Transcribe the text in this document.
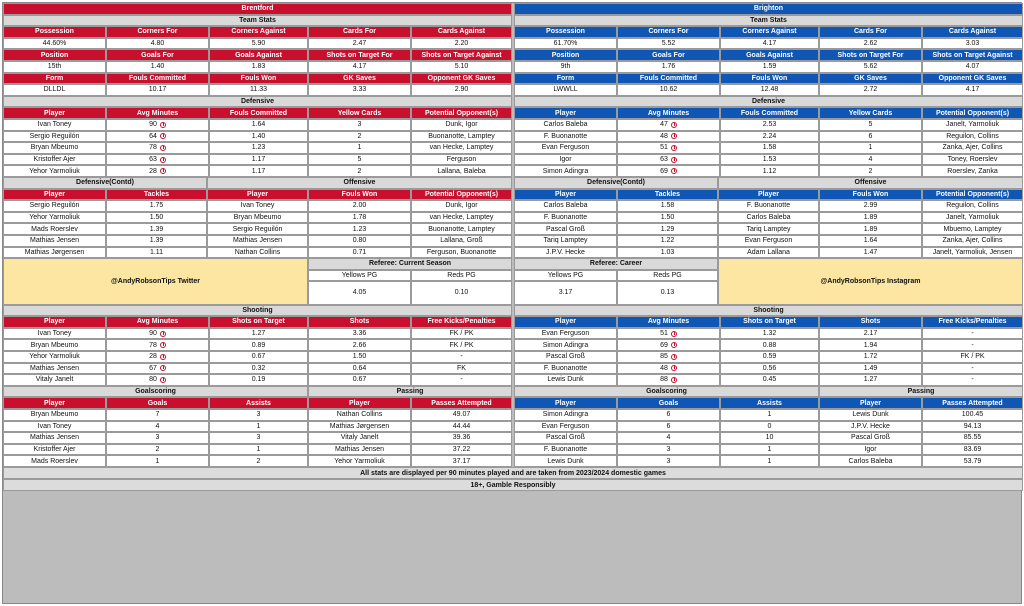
Brentford
Team Stats
Possession	Corners For	Corners Against	Cards For	Cards Against
44.60%	4.80	5.90	2.47	2.20
Position	Goals For	Goals Against	Shots on Target For	Shots on Target Against
15th	1.40	1.83	4.17	5.10
Form	Fouls Committed	Fouls Won	GK Saves	Opponent GK Saves
DLLDL	10.17	11.33	3.33	2.90
Defensive
Player	Avg Minutes	Fouls Committed	Yellow Cards	Potential Opponent(s)
Ivan Toney	90	1.64	3	Dunk, Igor
Sergio Reguilón	64	1.40	2	Buonanotte, Lamptey
Bryan Mbeumo	78	1.23	1	van Hecke, Lamptey
Kristoffer Ajer	63	1.17	5	Ferguson
Yehor Yarmoliuk	28	1.17	2	Lallana, Baleba
Defensive(Contd)	Offensive
Player	Tackles	Player	Fouls Won	Potential Opponent(s)
Sergio Reguilón	1.75	Ivan Toney	2.00	Dunk, Igor
Yehor Yarmoliuk	1.50	Bryan Mbeumo	1.78	van Hecke, Lamptey
Mads Roerslev	1.39	Sergio Reguilón	1.23	Buonanotte, Lamptey
Mathias Jensen	1.39	Mathias Jensen	0.80	Lallana, Groß
Mathias Jørgensen	1.11	Nathan Collins	0.71	Ferguson, Buonanotte
Brighton
Team Stats
Possession	Corners For	Corners Against	Cards For	Cards Against
61.70%	5.52	4.17	2.62	3.03
Position	Goals For	Goals Against	Shots on Target For	Shots on Target Against
9th	1.76	1.59	5.62	4.07
Form	Fouls Committed	Fouls Won	GK Saves	Opponent GK Saves
LWWLL	10.62	12.48	2.72	4.17
Defensive
Player	Avg Minutes	Fouls Committed	Yellow Cards	Potential Opponent(s)
Carlos Baleba	47	2.53	5	Janelt, Yarmoliuk
F. Buonanotte	48	2.24	6	Reguilon, Collins
Evan Ferguson	51	1.58	1	Zanka, Ajer, Collins
Igor	63	1.53	4	Toney, Roerslev
Simon Adingra	69	1.12	2	Roerslev, Zanka
Defensive(Contd)	Offensive
Player	Tackles	Player	Fouls Won	Potential Opponent(s)
Carlos Baleba	1.58	F. Buonanotte	2.99	Reguilon, Collins
F. Buonanotte	1.50	Carlos Baleba	1.89	Janelt, Yarmoliuk
Pascal Groß	1.29	Tariq Lamptey	1.89	Mbuemo, Lamptey
Tariq Lamptey	1.22	Evan Ferguson	1.64	Zanka, Ajer, Collins
J.P.V. Hecke	1.03	Adam Lallana	1.47	Janelt, Yarmoliuk, Jensen
@AndyRobsonTips Twitter	@AndyRobsonTips Instagram
Referee: Current Season
Yellows PG	Reds PG
4.05	0.10
Referee: Career
Yellows PG	Reds PG
3.17	0.13
Shooting
Player	Avg Minutes	Shots on Target	Shots	Free Kicks/Penalties
Ivan Toney	90	1.27	3.36	FK / PK
Bryan Mbeumo	78	0.89	2.66	FK / PK
Yehor Yarmoliuk	28	0.67	1.50	-
Mathias Jensen	67	0.32	0.64	FK
Vitaly Janelt	80	0.19	0.67	-
Goalscoring	Passing
Player	Goals	Assists	Player	Passes Attempted
Bryan Mbeumo	7	3	Nathan Collins	49.07
Ivan Toney	4	1	Mathias Jørgensen	44.44
Mathias Jensen	3	3	Vitaly Janelt	39.36
Kristoffer Ajer	2	1	Mathias Jensen	37.22
Mads Roerslev	1	2	Yehor Yarmoliuk	37.17
Shooting
Player	Avg Minutes	Shots on Target	Shots	Free Kicks/Penalties
Evan Ferguson	51	1.32	2.17	-
Simon Adingra	69	0.88	1.94	-
Pascal Groß	85	0.59	1.72	FK / PK
F. Buonanotte	48	0.56	1.49	-
Lewis Dunk	88	0.45	1.27	-
Goalscoring	Passing
Player	Goals	Assists	Player	Passes Attempted
Simon Adingra	6	1	Lewis Dunk	100.45
Evan Ferguson	6	0	J.P.V. Hecke	94.13
Pascal Groß	4	10	Pascal Groß	85.55
F. Buonanotte	3	1	Igor	83.69
Lewis Dunk	3	1	Carlos Baleba	53.79
All stats are displayed per 90 minutes played and are taken from 2023/2024 domestic games
18+, Gamble Responsibly
